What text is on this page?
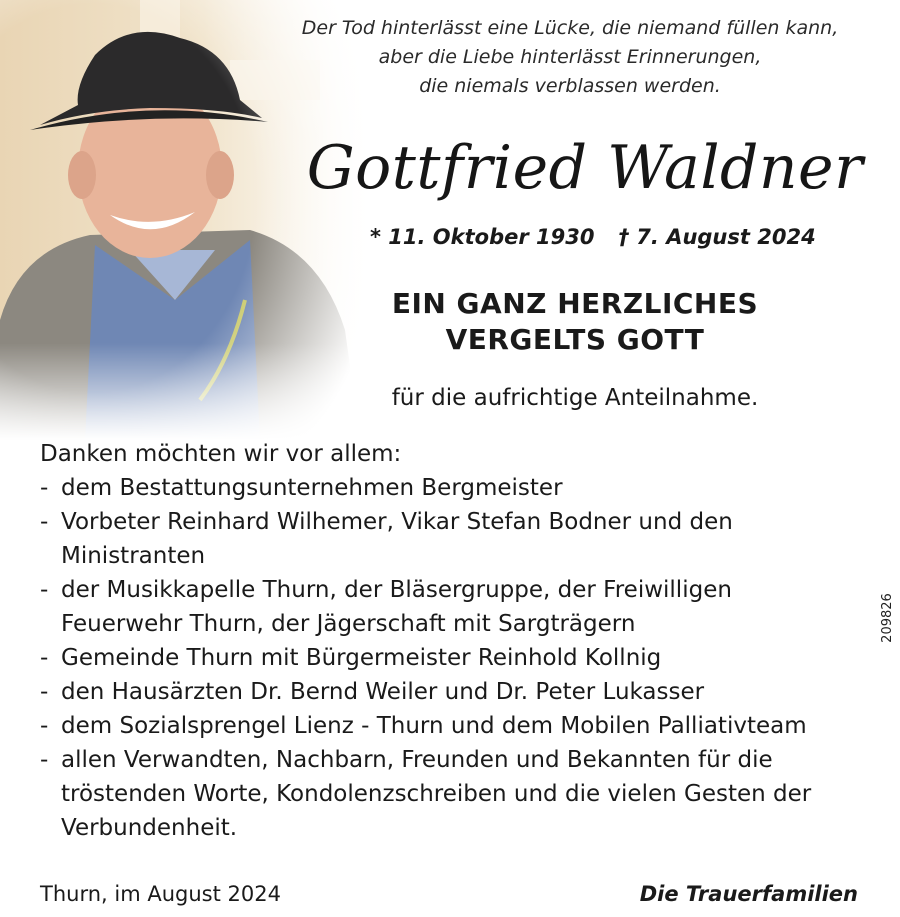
Der Tod hinterlässt eine Lücke, die niemand füllen kann,
aber die Liebe hinterlässt Erinnerungen,
die niemals verblassen werden.
Gottfried Waldner
* 11. Oktober 1930 † 7. August 2024
EIN GANZ HERZLICHES
VERGELTS GOTT
für die aufrichtige Anteilnahme.
Danken möchten wir vor allem:
- dem Bestattungsunternehmen Bergmeister
- Vorbeter Reinhard Wilhemer, Vikar Stefan Bodner und den Ministranten
- der Musikkapelle Thurn, der Bläsergruppe, der Freiwilligen Feuerwehr Thurn, der Jägerschaft mit Sargträgern
- Gemeinde Thurn mit Bürgermeister Reinhold Kollnig
- den Hausärzten Dr. Bernd Weiler und Dr. Peter Lukasser
- dem Sozialsprengel Lienz - Thurn und dem Mobilen Palliativteam
- allen Verwandten, Nachbarn, Freunden und Bekannten für die tröstenden Worte, Kondolenzschreiben und die vielen Gesten der Verbundenheit.
Thurn, im August 2024	Die Trauerfamilien
209826
